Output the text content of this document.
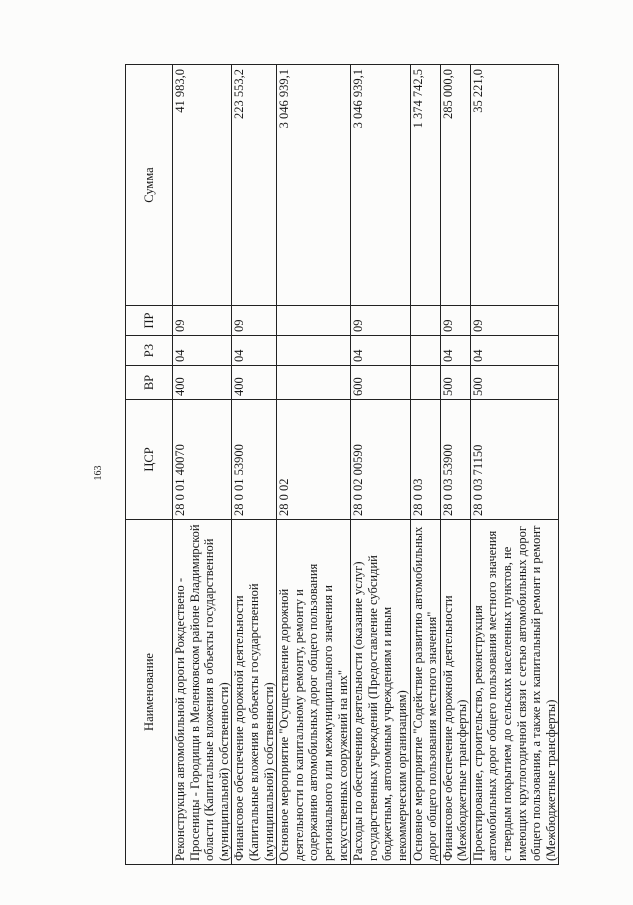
163
Наименование	ЦСР	ВР	РЗ	ПР	Сумма
Реконструкция автомобильной дороги Рождествено - Просеницы - Городищи в Меленковском районе Владимирской области (Капитальные вложения в объекты государственной (муниципальной) собственности)	28 0 01 40070	400	04	09	41 983,0
Финансовое обеспечение дорожной деятельности (Капитальные вложения в объекты государственной (муниципальной) собственности)	28 0 01 53900	400	04	09	223 553,2
Основное мероприятие "Осуществление дорожной деятельности по капитальному ремонту, ремонту и содержанию автомобильных дорог общего пользования регионального или межмуниципального значения и искусственных сооружений на них"	28 0 02				3 046 939,1
Расходы по обеспечению деятельности (оказание услуг) государственных учреждений (Предоставление субсидий бюджетным, автономным учреждениям и иным некоммерческим организациям)	28 0 02 00590	600	04	09	3 046 939,1
Основное мероприятие "Содействие развитию автомобильных дорог общего пользования местного значения"	28 0 03				1 374 742,5
Финансовое обеспечение дорожной деятельности (Межбюджетные трансферты)	28 0 03 53900	500	04	09	285 000,0
Проектирование, строительство, реконструкция автомобильных дорог общего пользования местного значения с твердым покрытием до сельских населенных пунктов, не имеющих круглогодичной связи с сетью автомобильных дорог общего пользования, а также их капитальный ремонт и ремонт (Межбюджетные трансферты)	28 0 03 71150	500	04	09	35 221,0
